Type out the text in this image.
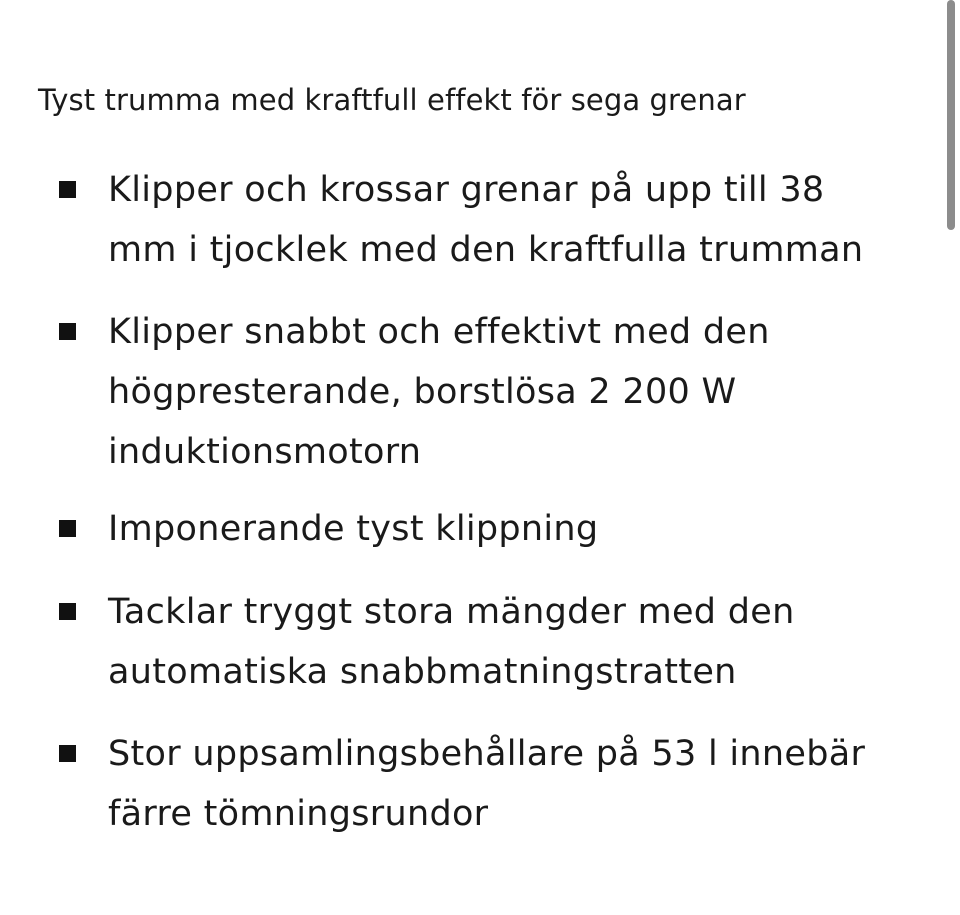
Tyst trumma med kraftfull effekt för sega grenar
Klipper och krossar grenar på upp till 38
mm i tjocklek med den kraftfulla trumman
Klipper snabbt och effektivt med den
högpresterande, borstlösa 2 200 W
induktionsmotorn
Imponerande tyst klippning
Tacklar tryggt stora mängder med den
automatiska snabbmatningstratten
Stor uppsamlingsbehållare på 53 l innebär
färre tömningsrundor
